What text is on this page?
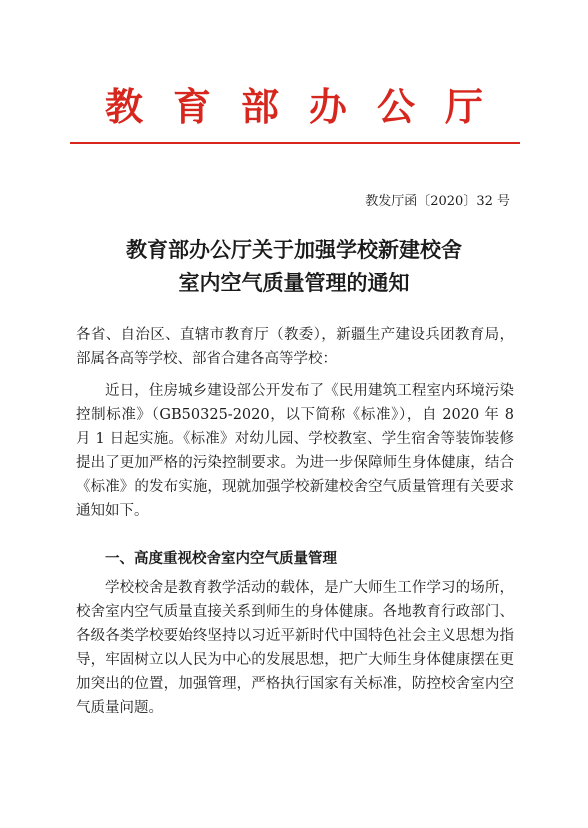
教育部办公厅
教发厅函〔2020〕32 号
教育部办公厅关于加强学校新建校舍
室内空气质量管理的通知
各省、自治区、直辖市教育厅（教委），新疆生产建设兵团教育局，部属各高等学校、部省合建各高等学校：
近日，住房城乡建设部公开发布了《民用建筑工程室内环境污染控制标准》（GB50325-2020，以下简称《标准》），自 2020 年 8 月 1 日起实施。《标准》对幼儿园、学校教室、学生宿舍等装饰装修提出了更加严格的污染控制要求。为进一步保障师生身体健康，结合《标准》的发布实施，现就加强学校新建校舍空气质量管理有关要求通知如下。
一、高度重视校舍室内空气质量管理
学校校舍是教育教学活动的载体，是广大师生工作学习的场所，校舍室内空气质量直接关系到师生的身体健康。各地教育行政部门、各级各类学校要始终坚持以习近平新时代中国特色社会主义思想为指导，牢固树立以人民为中心的发展思想，把广大师生身体健康摆在更加突出的位置，加强管理，严格执行国家有关标准，防控校舍室内空气质量问题。
